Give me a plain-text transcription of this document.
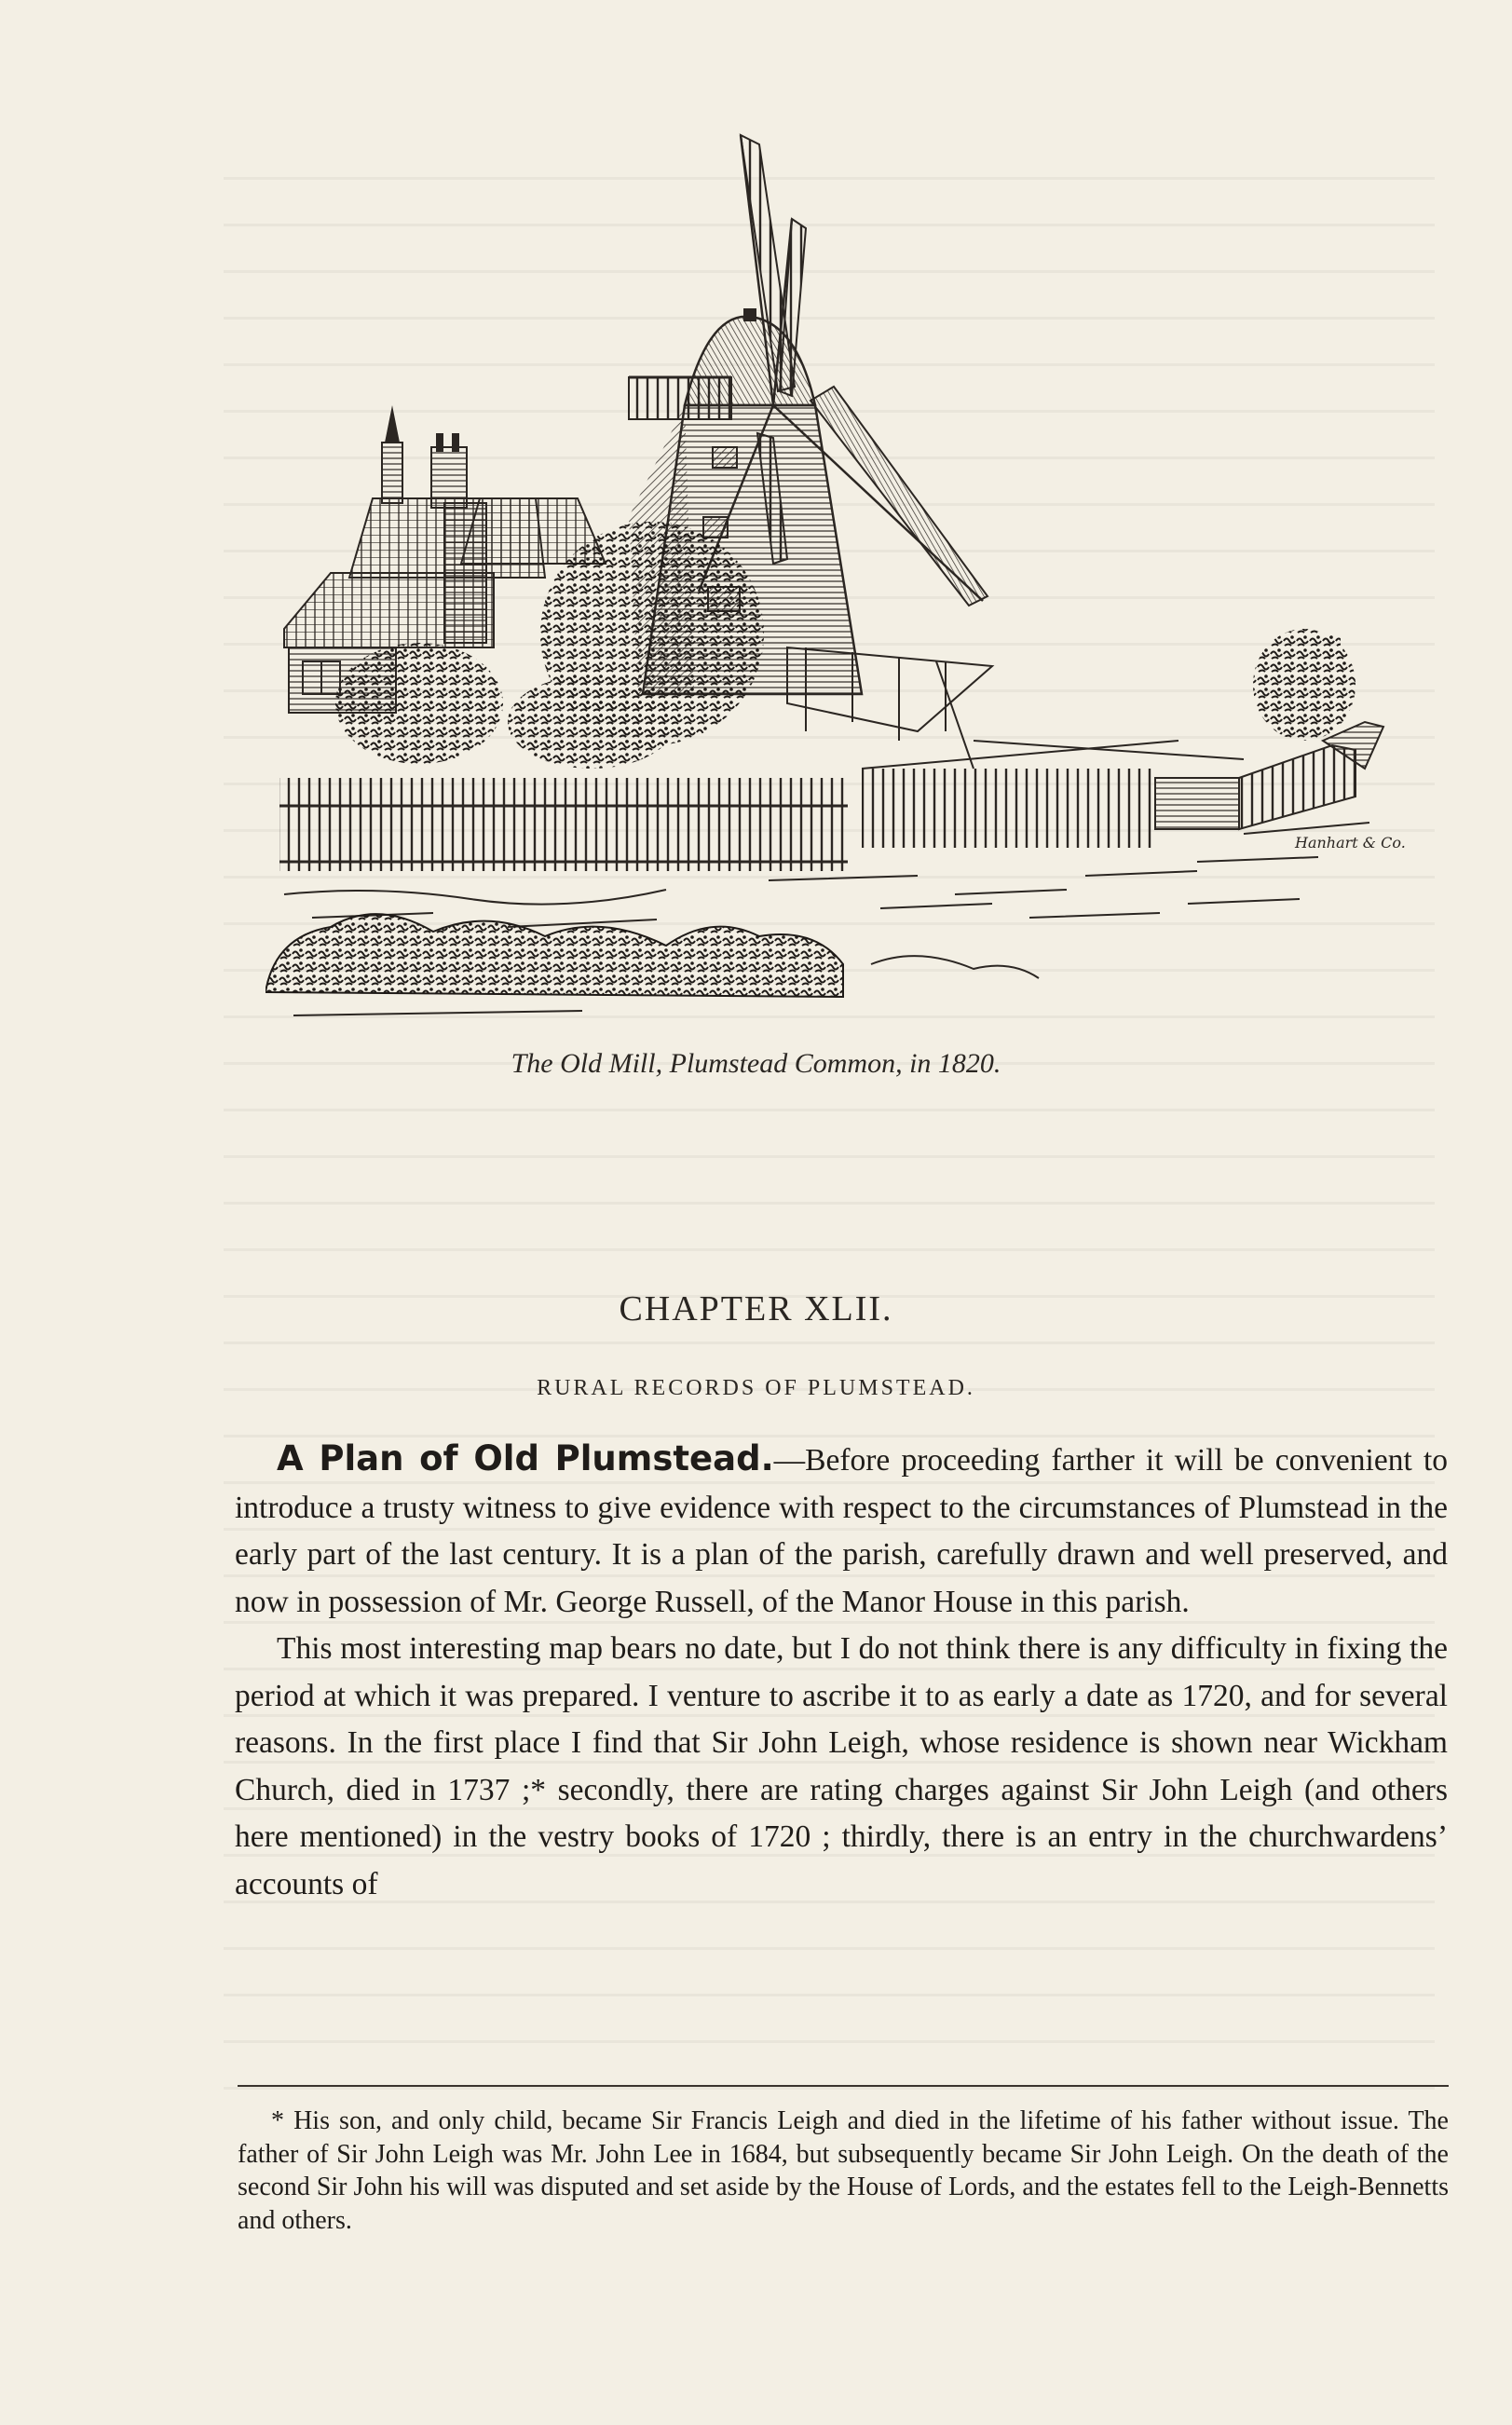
Hanhart & Co.
The Old Mill, Plumstead Common, in 1820.
CHAPTER XLII.
RURAL RECORDS OF PLUMSTEAD.

A Plan of Old Plumstead.—Before proceeding farther it will be convenient to introduce a trusty witness to give evidence with respect to the circumstances of Plumstead in the early part of the last century. It is a plan of the parish, carefully drawn and well preserved, and now in possession of Mr. George Russell, of the Manor House in this parish.

This most interesting map bears no date, but I do not think there is any difficulty in fixing the period at which it was prepared. I venture to ascribe it to as early a date as 1720, and for several reasons. In the first place I find that Sir John Leigh, whose residence is shown near Wickham Church, died in 1737 ;* secondly, there are rating charges against Sir John Leigh (and others here mentioned) in the vestry books of 1720 ; thirdly, there is an entry in the churchwardens’ accounts of

* His son, and only child, became Sir Francis Leigh and died in the lifetime of his father without issue. The father of Sir John Leigh was Mr. John Lee in 1684, but subsequently became Sir John Leigh. On the death of the second Sir John his will was disputed and set aside by the House of Lords, and the estates fell to the Leigh-Bennetts and others.
